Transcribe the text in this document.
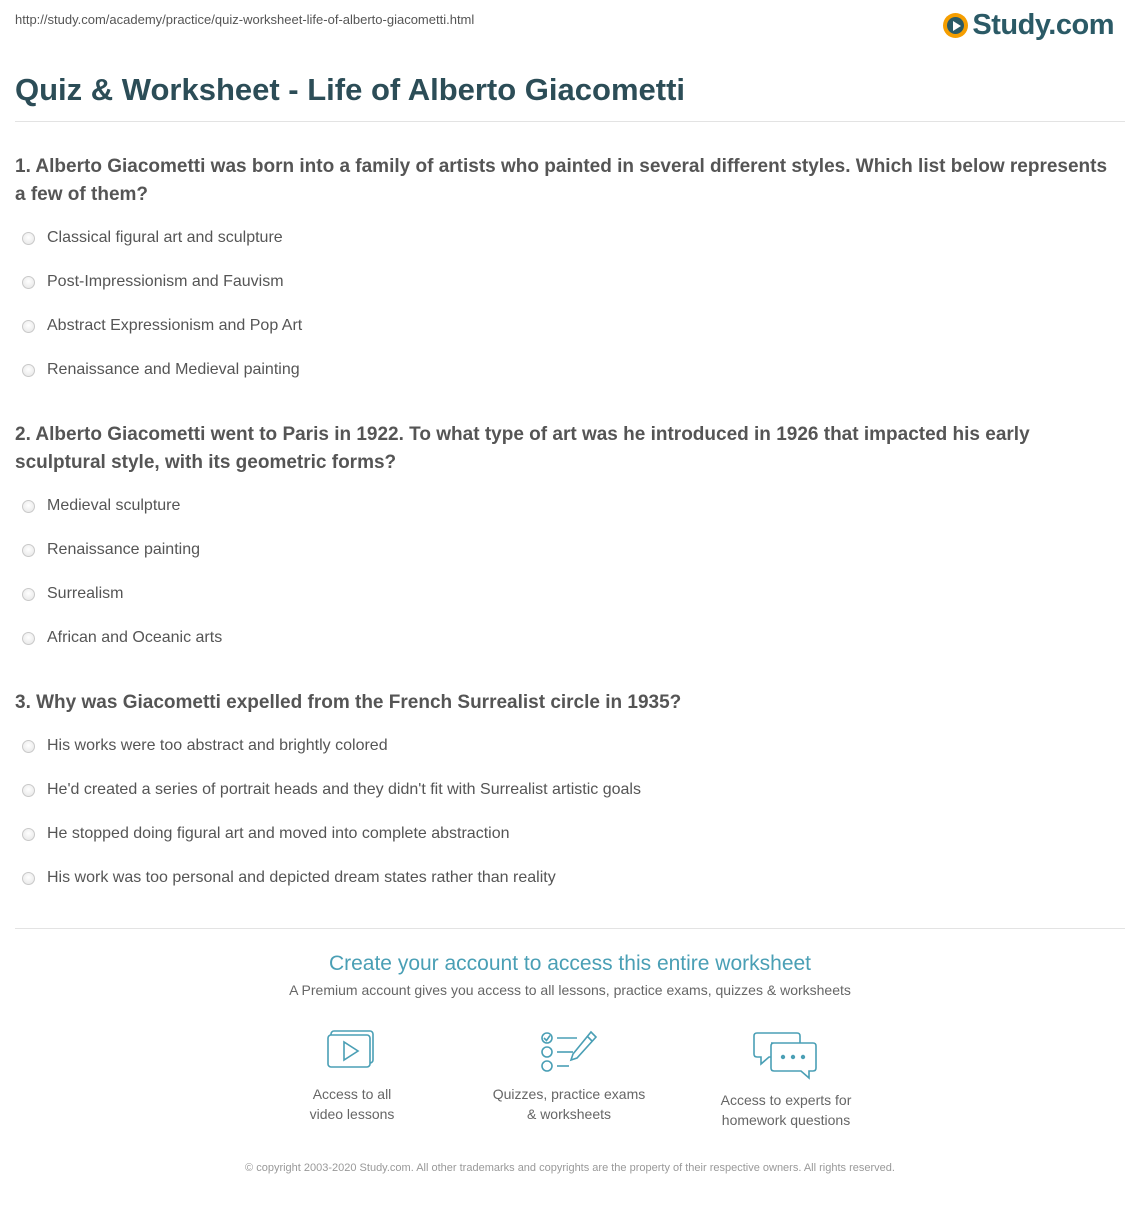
http://study.com/academy/practice/quiz-worksheet-life-of-alberto-giacometti.html	Study.com
Quiz & Worksheet - Life of Alberto Giacometti
1. Alberto Giacometti was born into a family of artists who painted in several different styles. Which list below represents a few of them?
Classical figural art and sculpture
Post-Impressionism and Fauvism
Abstract Expressionism and Pop Art
Renaissance and Medieval painting
2. Alberto Giacometti went to Paris in 1922. To what type of art was he introduced in 1926 that impacted his early sculptural style, with its geometric forms?
Medieval sculpture
Renaissance painting
Surrealism
African and Oceanic arts
3. Why was Giacometti expelled from the French Surrealist circle in 1935?
His works were too abstract and brightly colored
He'd created a series of portrait heads and they didn't fit with Surrealist artistic goals
He stopped doing figural art and moved into complete abstraction
His work was too personal and depicted dream states rather than reality
Create your account to access this entire worksheet
A Premium account gives you access to all lessons, practice exams, quizzes & worksheets
Access to all
video lessons
Quizzes, practice exams
& worksheets
Access to experts for
homework questions
© copyright 2003-2020 Study.com. All other trademarks and copyrights are the property of their respective owners. All rights reserved.
